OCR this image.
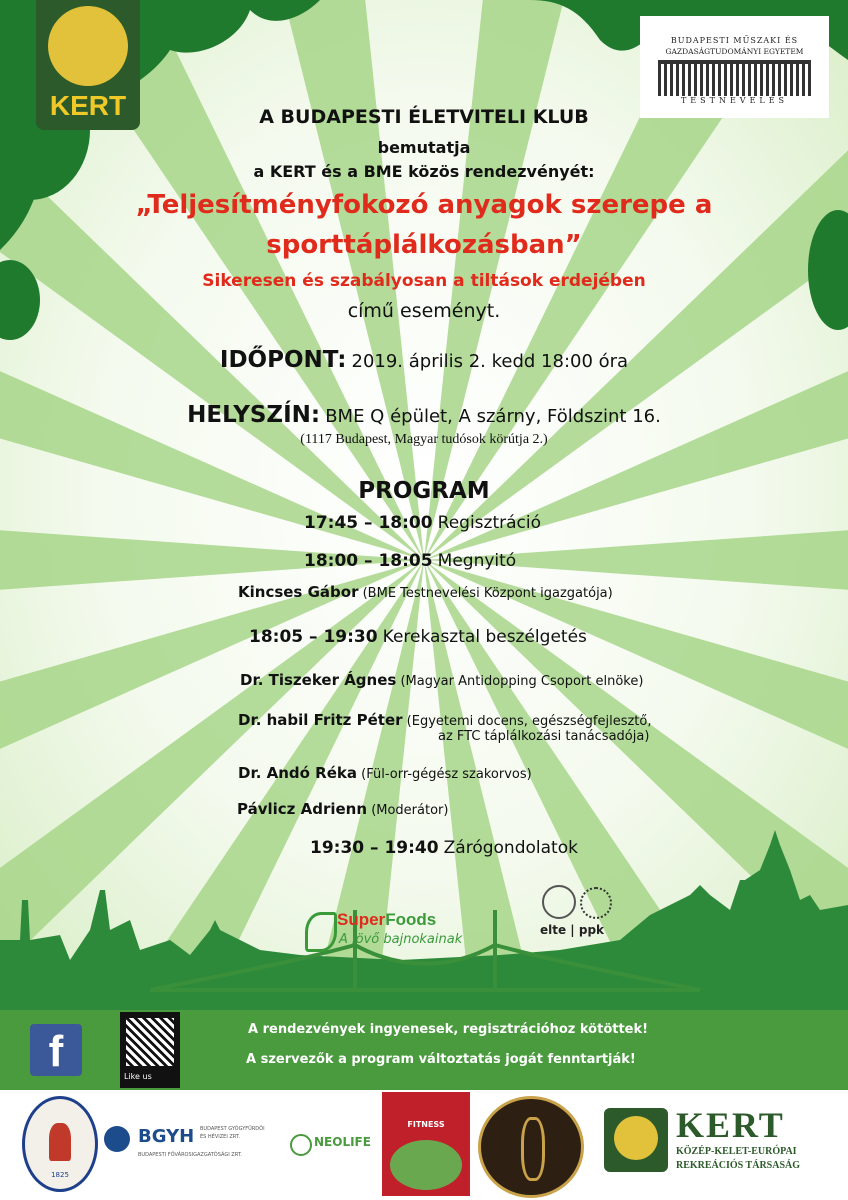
KERT
BUDAPESTI MŰSZAKI ÉS
GAZDASÁGTUDOMÁNYI EGYETEM
TESTNEVELÉS
A BUDAPESTI ÉLETVITELI KLUB
bemutatja
a KERT és a BME közös rendezvényét:
„Teljesítményfokozó anyagok szerepe a
sporttáplálkozásban”
Sikeresen és szabályosan a tiltások erdejében
című eseményt.
IDŐPONT: 2019. április 2. kedd 18:00 óra
HELYSZÍN: BME Q épület, A szárny, Földszint 16.
(1117 Budapest, Magyar tudósok körútja 2.)
PROGRAM
17:45 – 18:00 Regisztráció
18:00 – 18:05 Megnyitó
Kincses Gábor (BME Testnevelési Központ igazgatója)
18:05 – 19:30 Kerekasztal beszélgetés
Dr. Tiszeker Ágnes (Magyar Antidopping Csoport elnöke)
Dr. habil Fritz Péter (Egyetemi docens, egészségfejlesztő,
az FTC táplálkozási tanácsadója)
Dr. Andó Réka (Fül-orr-gégész szakorvos)
Pávlicz Adrienn (Moderátor)
19:30 – 19:40 Zárógondolatok
SuperFoods
A jövő bajnokainak
elte | ppk
f
Like us
A rendezvények ingyenesek, regisztrációhoz kötöttek!
A szervezők a program változtatás jogát fenntartják!
1825
BGYH BUDAPEST GYÓGYFÜRDŐI
ÉS HÉVIZEI ZRT.
BUDAPESTI FŐVÁROSIGAZGATÓSÁGI ZRT.
NEOLIFE
FITNESS	KERT
KÖZÉP-KELET-EURÓPAI
REKREÁCIÓS TÁRSASÁG
